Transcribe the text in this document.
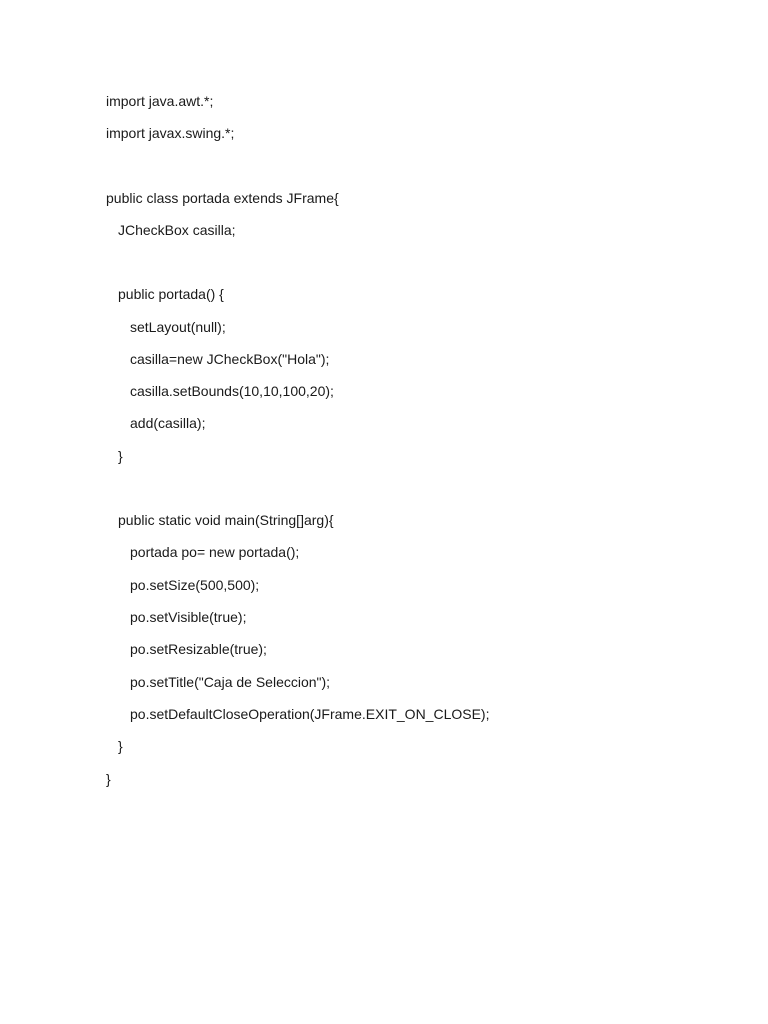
import java.awt.*;
import javax.swing.*;
public class portada extends JFrame{
JCheckBox casilla;
public portada() {
setLayout(null);
casilla=new JCheckBox("Hola");
casilla.setBounds(10,10,100,20);
add(casilla);
}
public static void main(String[]arg){
portada po= new portada();
po.setSize(500,500);
po.setVisible(true);
po.setResizable(true);
po.setTitle("Caja de Seleccion");
po.setDefaultCloseOperation(JFrame.EXIT_ON_CLOSE);
}
}
